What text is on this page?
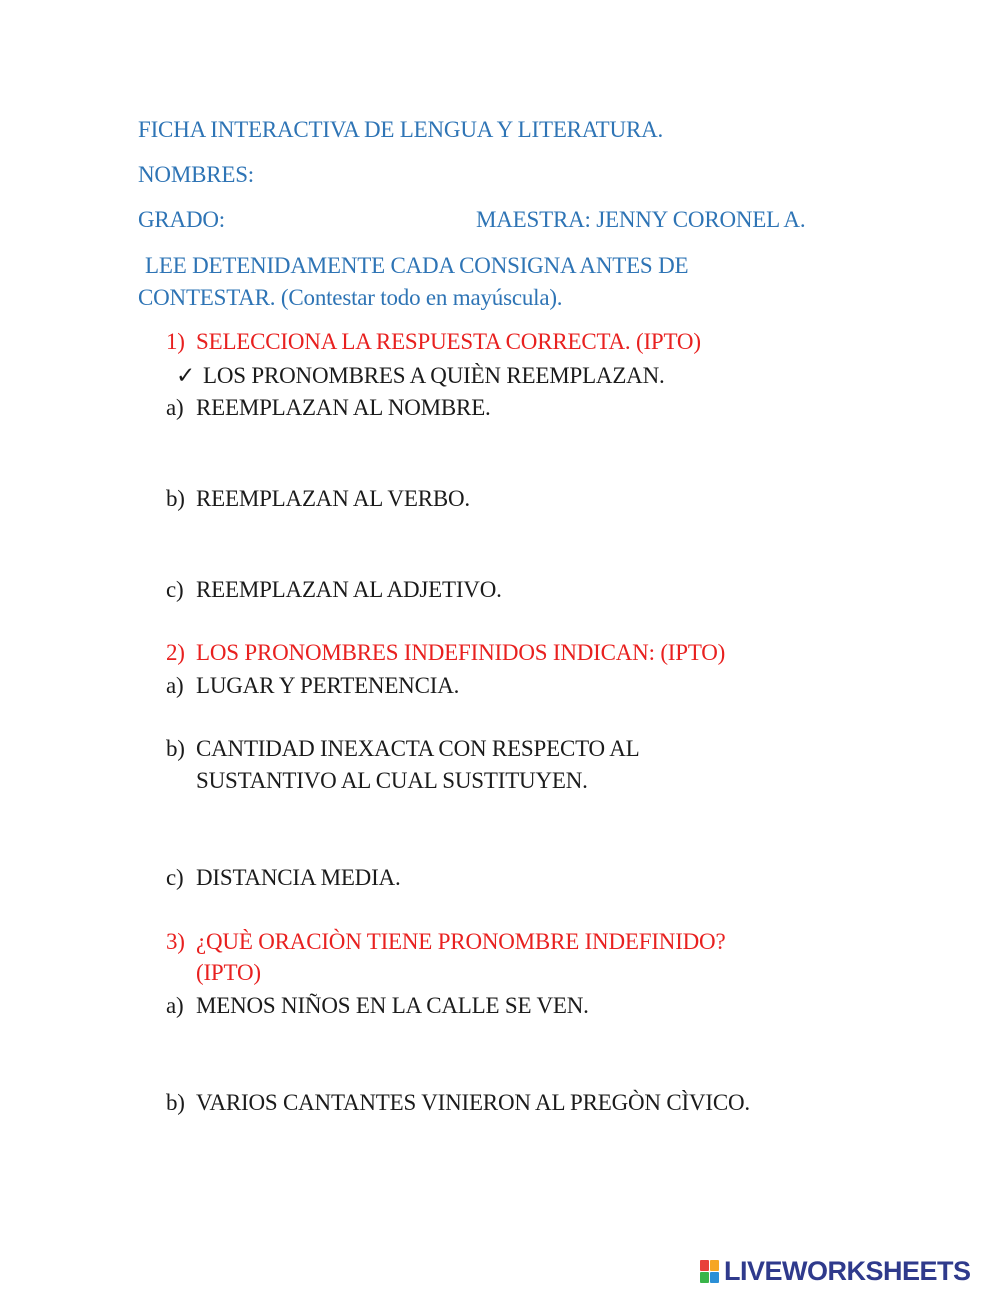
FICHA INTERACTIVA DE LENGUA Y LITERATURA.
NOMBRES:
GRADO:	MAESTRA: JENNY CORONEL A.
LEE DETENIDAMENTE CADA CONSIGNA ANTES DE
CONTESTAR. (Contestar todo en mayúscula).
1) SELECCIONA LA RESPUESTA CORRECTA. (IPTO)
✓ LOS PRONOMBRES A QUIÈN REEMPLAZAN.
a) REEMPLAZAN AL NOMBRE.
b) REEMPLAZAN AL VERBO.
c) REEMPLAZAN AL ADJETIVO.
2) LOS PRONOMBRES INDEFINIDOS INDICAN: (IPTO)
a) LUGAR Y PERTENENCIA.
b) CANTIDAD INEXACTA CON RESPECTO AL
SUSTANTIVO AL CUAL SUSTITUYEN.
c) DISTANCIA MEDIA.
3) ¿QUÈ ORACIÒN TIENE PRONOMBRE INDEFINIDO?
(IPTO)
a) MENOS NIÑOS EN LA CALLE SE VEN.
b) VARIOS CANTANTES VINIERON AL PREGÒN CÌVICO.
LIVEWORKSHEETS
